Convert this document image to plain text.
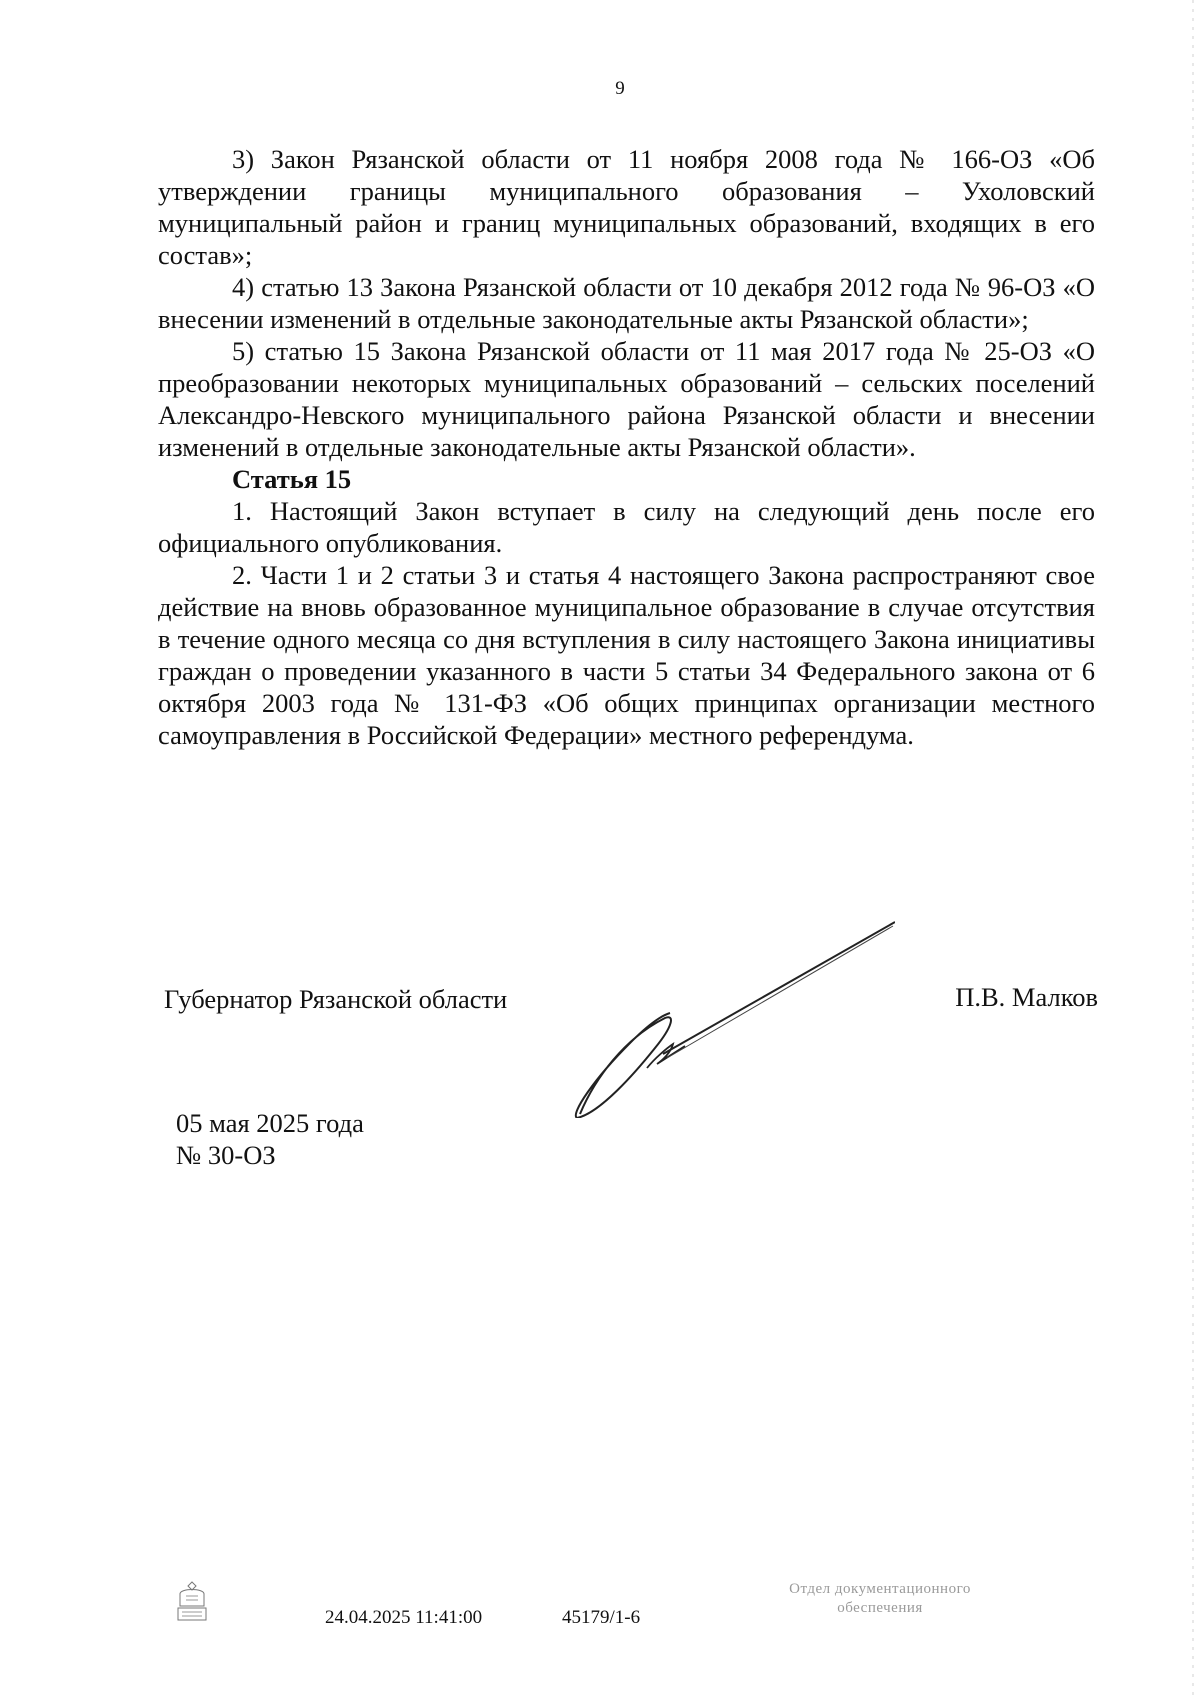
9

3) Закон Рязанской области от 11 ноября 2008 года № 166-ОЗ «Об утверждении границы муниципального образования – Ухоловский муниципальный район и границ муниципальных образований, входящих в его состав»;

4) статью 13 Закона Рязанской области от 10 декабря 2012 года № 96-ОЗ «О внесении изменений в отдельные законодательные акты Рязанской области»;

5) статью 15 Закона Рязанской области от 11 мая 2017 года № 25-ОЗ «О преобразовании некоторых муниципальных образований – сельских поселений Александро-Невского муниципального района Рязанской области и внесении изменений в отдельные законодательные акты Рязанской области».

Статья 15

1. Настоящий Закон вступает в силу на следующий день после его официального опубликования.

2. Части 1 и 2 статьи 3 и статья 4 настоящего Закона распространяют свое действие на вновь образованное муниципальное образование в случае отсутствия в течение одного месяца со дня вступления в силу настоящего Закона инициативы граждан о проведении указанного в части 5 статьи 34 Федерального закона от 6 октября 2003 года № 131-ФЗ «Об общих принципах организации местного самоуправления в Российской Федерации» местного референдума.

Губернатор Рязанской области	П.В. Малков
05 мая 2025 года
№ 30-ОЗ
24.04.2025 11:41:00	45179/1-6
Отдел документационного
обеспечения
